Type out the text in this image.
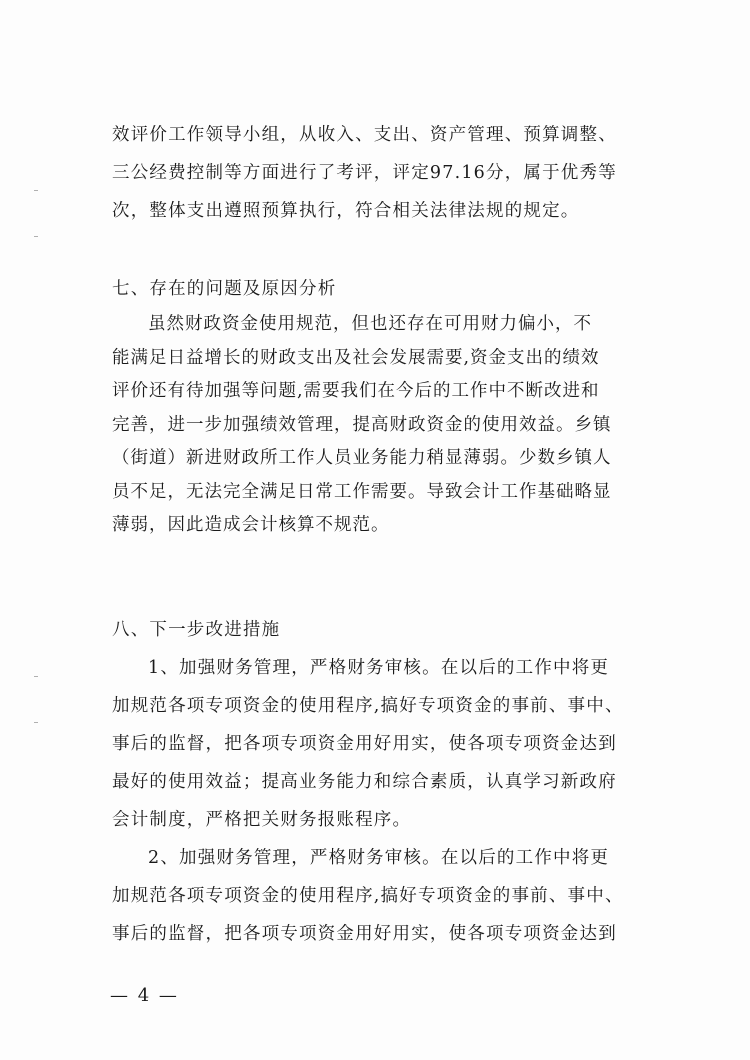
效评价工作领导小组，从收入、支出、资产管理、预算调整、
三公经费控制等方面进行了考评，评定97.16分，属于优秀等
次，整体支出遵照预算执行，符合相关法律法规的规定。
七、存在的问题及原因分析
虽然财政资金使用规范，但也还存在可用财力偏小，不
能满足日益增长的财政支出及社会发展需要,资金支出的绩效
评价还有待加强等问题,需要我们在今后的工作中不断改进和
完善，进一步加强绩效管理，提高财政资金的使用效益。乡镇
（街道）新进财政所工作人员业务能力稍显薄弱。少数乡镇人
员不足，无法完全满足日常工作需要。导致会计工作基础略显
薄弱，因此造成会计核算不规范。
八、下一步改进措施
1、加强财务管理，严格财务审核。在以后的工作中将更
加规范各项专项资金的使用程序,搞好专项资金的事前、事中、
事后的监督，把各项专项资金用好用实，使各项专项资金达到
最好的使用效益；提高业务能力和综合素质，认真学习新政府
会计制度，严格把关财务报账程序。
2、加强财务管理，严格财务审核。在以后的工作中将更
加规范各项专项资金的使用程序,搞好专项资金的事前、事中、
事后的监督，把各项专项资金用好用实，使各项专项资金达到
— 4 —
